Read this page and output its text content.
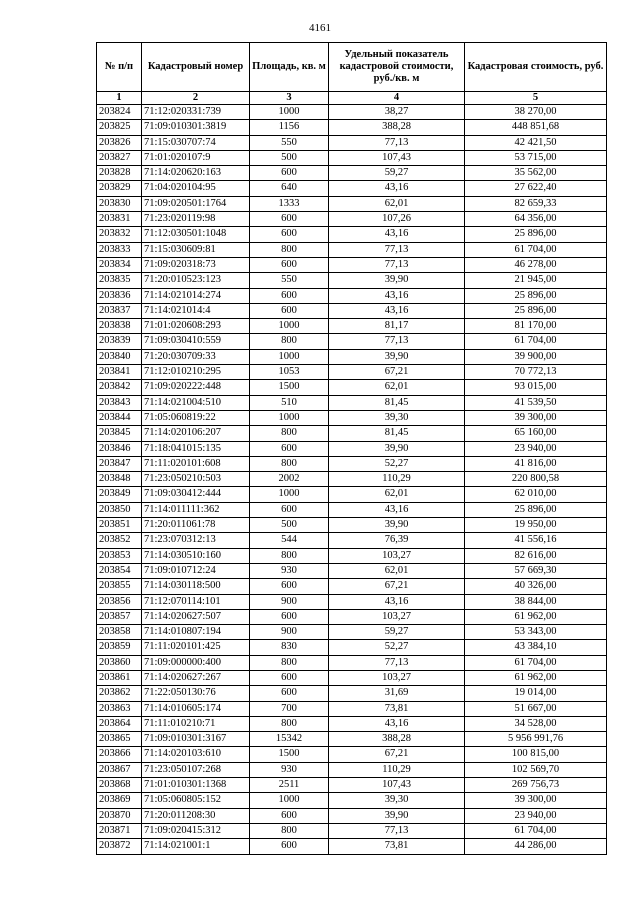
4161
№ п/п	Кадастровый номер	Площадь, кв. м	Удельный показатель кадастровой стоимости, руб./кв. м	Кадастровая стоимость, руб.
1	2	3	4	5
203824	71:12:020331:739	1000	38,27	38 270,00
203825	71:09:010301:3819	1156	388,28	448 851,68
203826	71:15:030707:74	550	77,13	42 421,50
203827	71:01:020107:9	500	107,43	53 715,00
203828	71:14:020620:163	600	59,27	35 562,00
203829	71:04:020104:95	640	43,16	27 622,40
203830	71:09:020501:1764	1333	62,01	82 659,33
203831	71:23:020119:98	600	107,26	64 356,00
203832	71:12:030501:1048	600	43,16	25 896,00
203833	71:15:030609:81	800	77,13	61 704,00
203834	71:09:020318:73	600	77,13	46 278,00
203835	71:20:010523:123	550	39,90	21 945,00
203836	71:14:021014:274	600	43,16	25 896,00
203837	71:14:021014:4	600	43,16	25 896,00
203838	71:01:020608:293	1000	81,17	81 170,00
203839	71:09:030410:559	800	77,13	61 704,00
203840	71:20:030709:33	1000	39,90	39 900,00
203841	71:12:010210:295	1053	67,21	70 772,13
203842	71:09:020222:448	1500	62,01	93 015,00
203843	71:14:021004:510	510	81,45	41 539,50
203844	71:05:060819:22	1000	39,30	39 300,00
203845	71:14:020106:207	800	81,45	65 160,00
203846	71:18:041015:135	600	39,90	23 940,00
203847	71:11:020101:608	800	52,27	41 816,00
203848	71:23:050210:503	2002	110,29	220 800,58
203849	71:09:030412:444	1000	62,01	62 010,00
203850	71:14:011111:362	600	43,16	25 896,00
203851	71:20:011061:78	500	39,90	19 950,00
203852	71:23:070312:13	544	76,39	41 556,16
203853	71:14:030510:160	800	103,27	82 616,00
203854	71:09:010712:24	930	62,01	57 669,30
203855	71:14:030118:500	600	67,21	40 326,00
203856	71:12:070114:101	900	43,16	38 844,00
203857	71:14:020627:507	600	103,27	61 962,00
203858	71:14:010807:194	900	59,27	53 343,00
203859	71:11:020101:425	830	52,27	43 384,10
203860	71:09:000000:400	800	77,13	61 704,00
203861	71:14:020627:267	600	103,27	61 962,00
203862	71:22:050130:76	600	31,69	19 014,00
203863	71:14:010605:174	700	73,81	51 667,00
203864	71:11:010210:71	800	43,16	34 528,00
203865	71:09:010301:3167	15342	388,28	5 956 991,76
203866	71:14:020103:610	1500	67,21	100 815,00
203867	71:23:050107:268	930	110,29	102 569,70
203868	71:01:010301:1368	2511	107,43	269 756,73
203869	71:05:060805:152	1000	39,30	39 300,00
203870	71:20:011208:30	600	39,90	23 940,00
203871	71:09:020415:312	800	77,13	61 704,00
203872	71:14:021001:1	600	73,81	44 286,00
